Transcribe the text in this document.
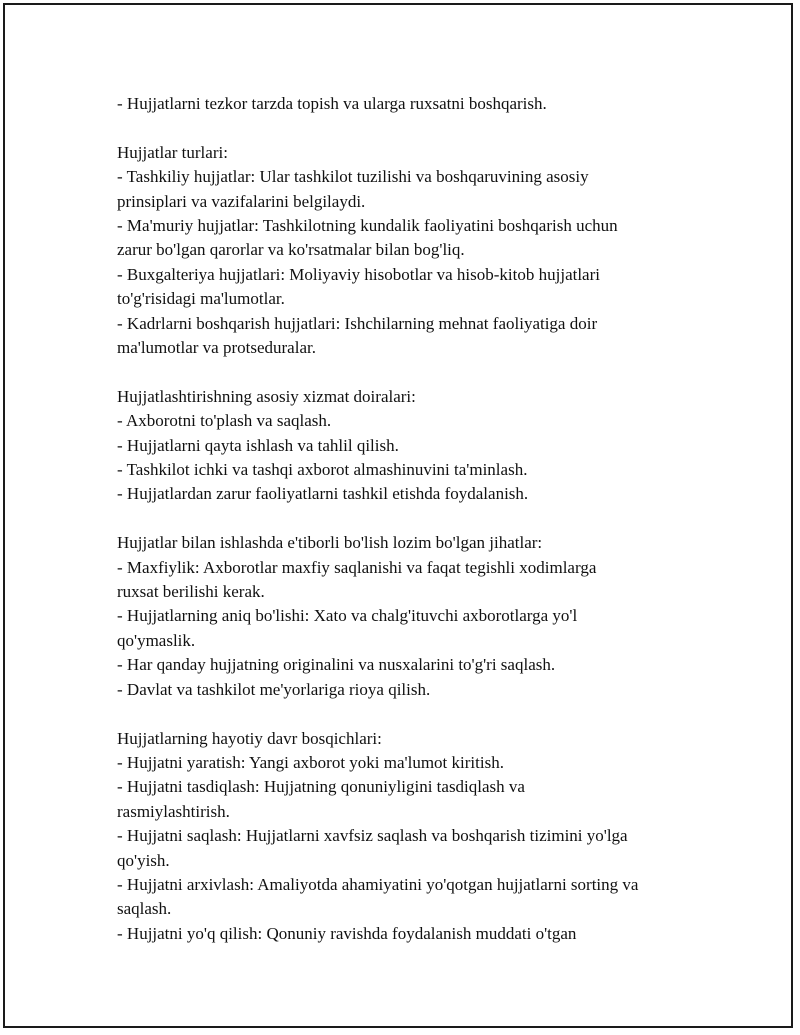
- Hujjatlarni tezkor tarzda topish va ularga ruxsatni boshqarish.

Hujjatlar turlari:

- Tashkiliy hujjatlar: Ular tashkilot tuzilishi va boshqaruvining asosiy

prinsiplari va vazifalarini belgilaydi.

- Ma'muriy hujjatlar: Tashkilotning kundalik faoliyatini boshqarish uchun

zarur bo'lgan qarorlar va ko'rsatmalar bilan bog'liq.

- Buxgalteriya hujjatlari: Moliyaviy hisobotlar va hisob-kitob hujjatlari

to'g'risidagi ma'lumotlar.

- Kadrlarni boshqarish hujjatlari: Ishchilarning mehnat faoliyatiga doir

ma'lumotlar va protseduralar.

Hujjatlashtirishning asosiy xizmat doiralari:

- Axborotni to'plash va saqlash.

- Hujjatlarni qayta ishlash va tahlil qilish.

- Tashkilot ichki va tashqi axborot almashinuvini ta'minlash.

- Hujjatlardan zarur faoliyatlarni tashkil etishda foydalanish.

Hujjatlar bilan ishlashda e'tiborli bo'lish lozim bo'lgan jihatlar:

- Maxfiylik: Axborotlar maxfiy saqlanishi va faqat tegishli xodimlarga

ruxsat berilishi kerak.

- Hujjatlarning aniq bo'lishi: Xato va chalg'ituvchi axborotlarga yo'l

qo'ymaslik.

- Har qanday hujjatning originalini va nusxalarini to'g'ri saqlash.

- Davlat va tashkilot me'yorlariga rioya qilish.

Hujjatlarning hayotiy davr bosqichlari:

- Hujjatni yaratish: Yangi axborot yoki ma'lumot kiritish.

- Hujjatni tasdiqlash: Hujjatning qonuniyligini tasdiqlash va

rasmiylashtirish.

- Hujjatni saqlash: Hujjatlarni xavfsiz saqlash va boshqarish tizimini yo'lga

qo'yish.

- Hujjatni arxivlash: Amaliyotda ahamiyatini yo'qotgan hujjatlarni sorting va

saqlash.

- Hujjatni yo'q qilish: Qonuniy ravishda foydalanish muddati o'tgan
